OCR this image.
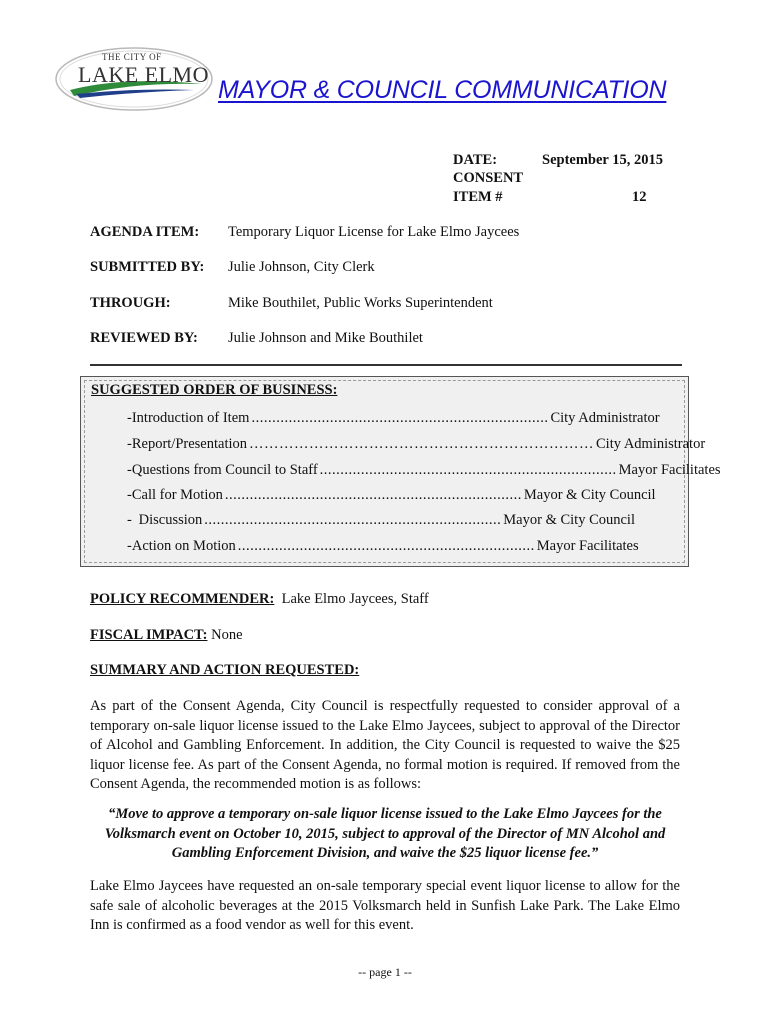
THE CITY OF
LAKE ELMO
MAYOR & COUNCIL COMMUNICATION
DATE:	September 15, 2015
CONSENT
ITEM #	12
AGENDA ITEM: Temporary Liquor License for Lake Elmo Jaycees
SUBMITTED BY: Julie Johnson, City Clerk
THROUGH:	Mike Bouthilet, Public Works Superintendent
REVIEWED BY: Julie Johnson and Mike Bouthilet
SUGGESTED ORDER OF BUSINESS:
- Introduction of Item ........................................................................ City Administrator
- Report/Presentation …………………………………………………………… City Administrator
- Questions from Council to Staff ........................................................................ Mayor Facilitates
- Call for Motion ........................................................................ Mayor & City Council
- Discussion ........................................................................ Mayor & City Council
- Action on Motion ........................................................................ Mayor Facilitates
POLICY RECOMMENDER: Lake Elmo Jaycees, Staff
FISCAL IMPACT: None
SUMMARY AND ACTION REQUESTED:
As part of the Consent Agenda, City Council is respectfully requested to consider approval of a temporary on-sale liquor license issued to the Lake Elmo Jaycees, subject to approval of the Director of Alcohol and Gambling Enforcement. In addition, the City Council is requested to waive the $25 liquor license fee. As part of the Consent Agenda, no formal motion is required. If removed from the Consent Agenda, the recommended motion is as follows:
“Move to approve a temporary on-sale liquor license issued to the Lake Elmo Jaycees for the Volksmarch event on October 10, 2015, subject to approval of the Director of MN Alcohol and Gambling Enforcement Division, and waive the $25 liquor license fee.”
Lake Elmo Jaycees have requested an on-sale temporary special event liquor license to allow for the safe sale of alcoholic beverages at the 2015 Volksmarch held in Sunfish Lake Park. The Lake Elmo Inn is confirmed as a food vendor as well for this event.
-- page 1 --
